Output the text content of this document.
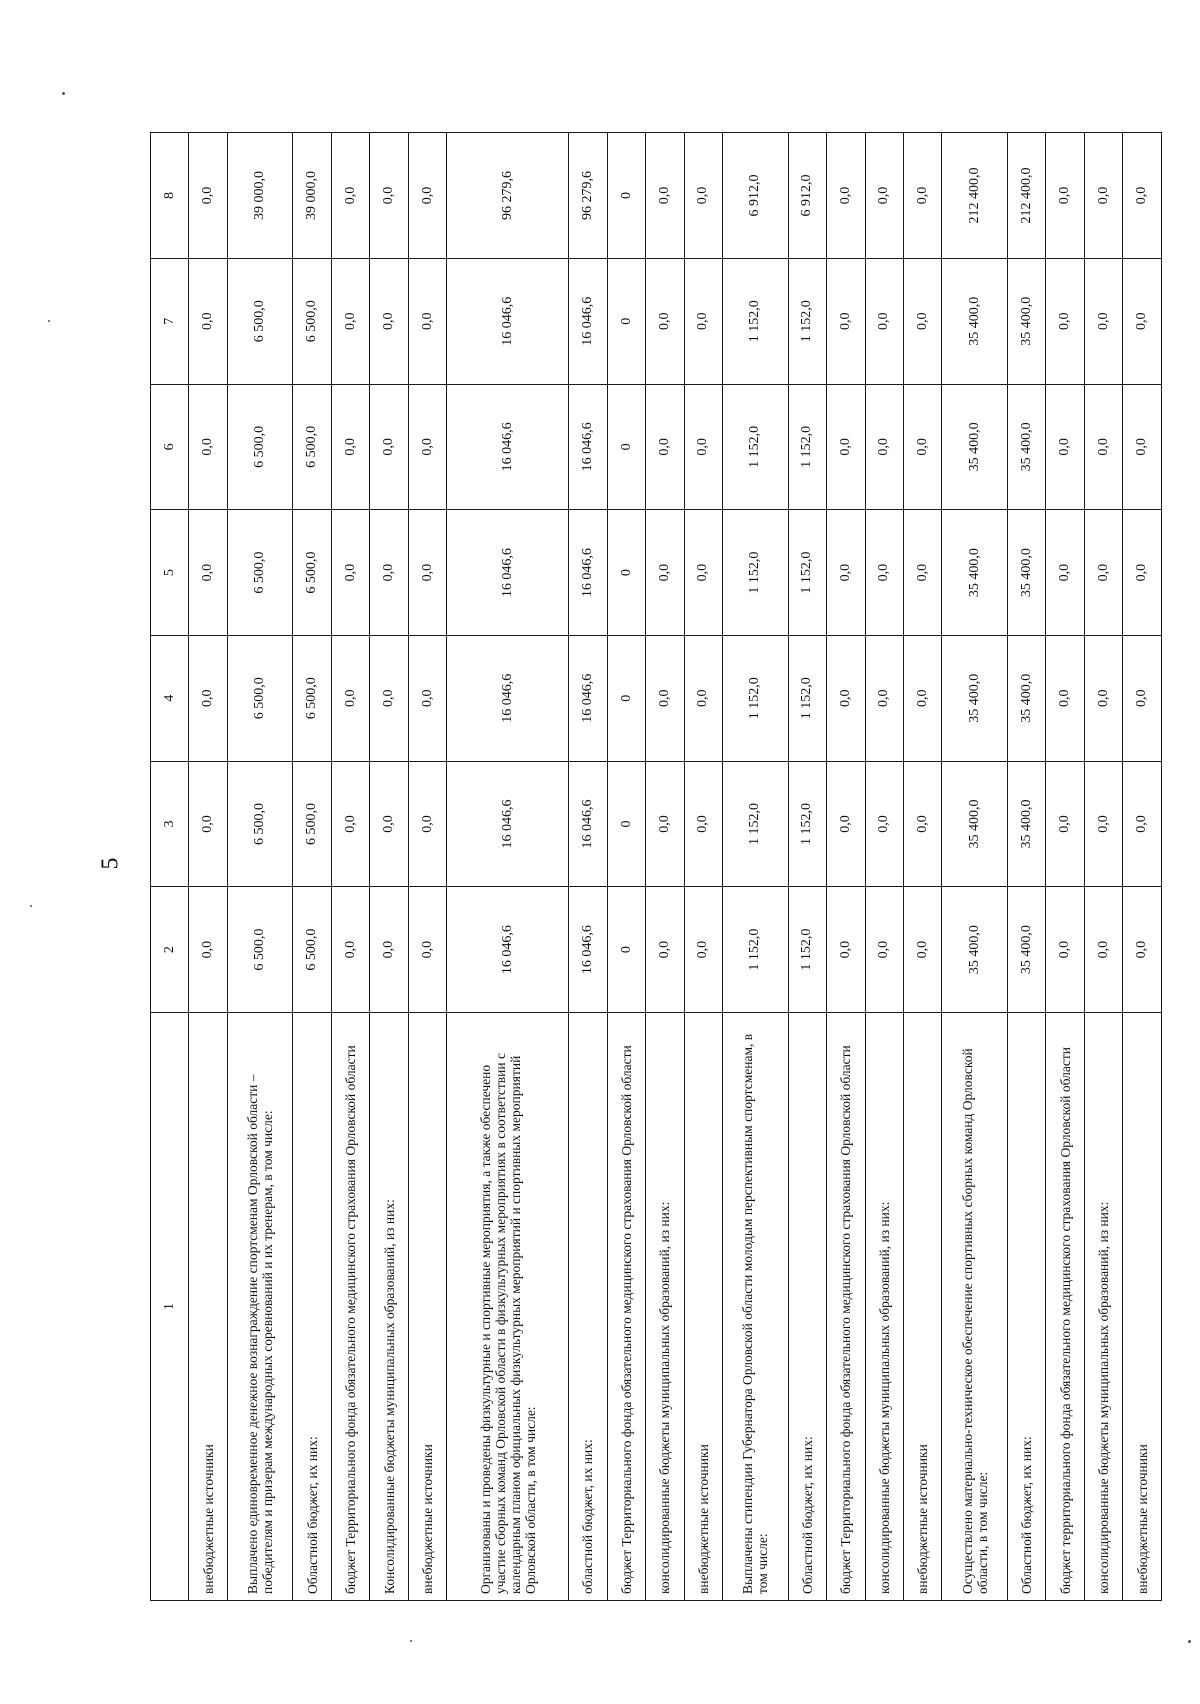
5
1	2	3	4	5	6	7	8
внебюджетные источники	0,0	0,0	0,0	0,0	0,0	0,0	0,0
Выплачено единовременное денежное вознаграждение спортсменам Орловской области – победителям и призерам международных соревнований и их тренерам, в том числе:	6 500,0	6 500,0	6 500,0	6 500,0	6 500,0	6 500,0	39 000,0
Областной бюджет, их них:	6 500,0	6 500,0	6 500,0	6 500,0	6 500,0	6 500,0	39 000,0
бюджет Территориального фонда обязательного медицинского страхования Орловской области	0,0	0,0	0,0	0,0	0,0	0,0	0,0
Консолидированные бюджеты муниципальных образований, из них:	0,0	0,0	0,0	0,0	0,0	0,0	0,0
внебюджетные источники	0,0	0,0	0,0	0,0	0,0	0,0	0,0
Организованы и проведены физкультурные и спортивные мероприятия, а также обеспечено участие сборных команд Орловской области в физкультурных мероприятиях в соответствии с календарным планом официальных физкультурных мероприятий и спортивных мероприятий Орловской области, в том числе:	16 046,6	16 046,6	16 046,6	16 046,6	16 046,6	16 046,6	96 279,6
областной бюджет, их них:	16 046,6	16 046,6	16 046,6	16 046,6	16 046,6	16 046,6	96 279,6
бюджет Территориального фонда обязательного медицинского страхования Орловской области	0	0	0	0	0	0	0
консолидированные бюджеты муниципальных образований, из них:	0,0	0,0	0,0	0,0	0,0	0,0	0,0
внебюджетные источники	0,0	0,0	0,0	0,0	0,0	0,0	0,0
Выплачены стипендии Губернатора Орловской области молодым перспективным спортсменам, в том числе:	1 152,0	1 152,0	1 152,0	1 152,0	1 152,0	1 152,0	6 912,0
Областной бюджет, их них:	1 152,0	1 152,0	1 152,0	1 152,0	1 152,0	1 152,0	6 912,0
бюджет Территориального фонда обязательного медицинского страхования Орловской области	0,0	0,0	0,0	0,0	0,0	0,0	0,0
консолидированные бюджеты муниципальных образований, из них:	0,0	0,0	0,0	0,0	0,0	0,0	0,0
внебюджетные источники	0,0	0,0	0,0	0,0	0,0	0,0	0,0
Осуществлено материально-техническое обеспечение спортивных сборных команд Орловской области, в том числе:	35 400,0	35 400,0	35 400,0	35 400,0	35 400,0	35 400,0	212 400,0
Областной бюджет, их них:	35 400,0	35 400,0	35 400,0	35 400,0	35 400,0	35 400,0	212 400,0
бюджет территориального фонда обязательного медицинского страхования Орловской области	0,0	0,0	0,0	0,0	0,0	0,0	0,0
консолидированные бюджеты муниципальных образований, из них:	0,0	0,0	0,0	0,0	0,0	0,0	0,0
внебюджетные источники	0,0	0,0	0,0	0,0	0,0	0,0	0,0
